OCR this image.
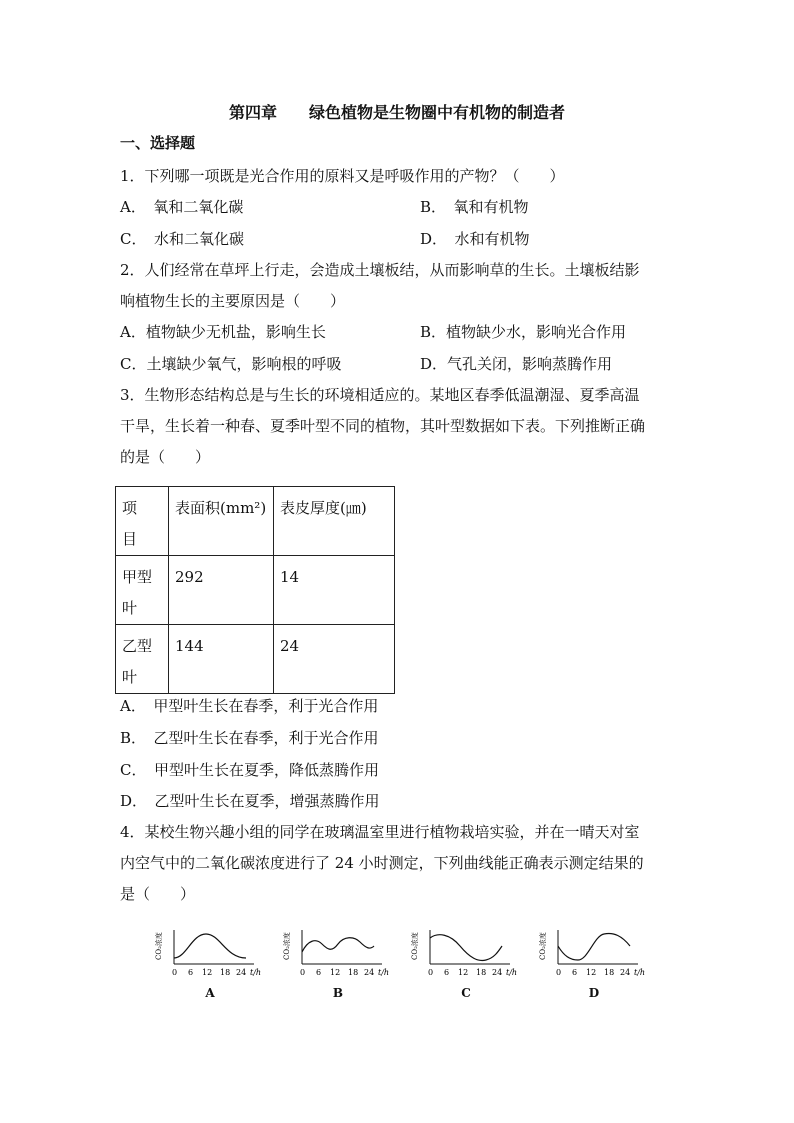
第四章　　绿色植物是生物圈中有机物的制造者
一、选择题
1．下列哪一项既是光合作用的原料又是呼吸作用的产物？（　　）
A．　氧和二氧化碳	B．　氧和有机物
C．　水和二氧化碳	D．　水和有机物
2．人们经常在草坪上行走，会造成土壤板结，从而影响草的生长。土壤板结影
响植物生长的主要原因是（　　）
A．植物缺少无机盐，影响生长	B．植物缺少水，影响光合作用
C．土壤缺少氧气，影响根的呼吸	D．气孔关闭，影响蒸腾作用
3．生物形态结构总是与生长的环境相适应的。某地区春季低温潮湿、夏季高温
干旱，生长着一种春、夏季叶型不同的植物，其叶型数据如下表。下列推断正确
的是（　　）
项
目	表面积(mm²)	表皮厚度(㎛)

甲型
叶	292	14

乙型
叶	144	24
A．　甲型叶生长在春季，利于光合作用
B．　乙型叶生长在春季，利于光合作用
C．　甲型叶生长在夏季，降低蒸腾作用
D．　乙型叶生长在夏季，增强蒸腾作用
4．某校生物兴趣小组的同学在玻璃温室里进行植物栽培实验，并在一晴天对室
内空气中的二氧化碳浓度进行了 24 小时测定，下列曲线能正确表示测定结果的
是（　　）
CO₂浓度
0 6 12 18 24 t/h
A
CO₂浓度
0 6 12 18 24 t/h
B
CO₂浓度
0 6 12 18 24 t/h
C
CO₂浓度
0 6 12 18 24 t/h
D
